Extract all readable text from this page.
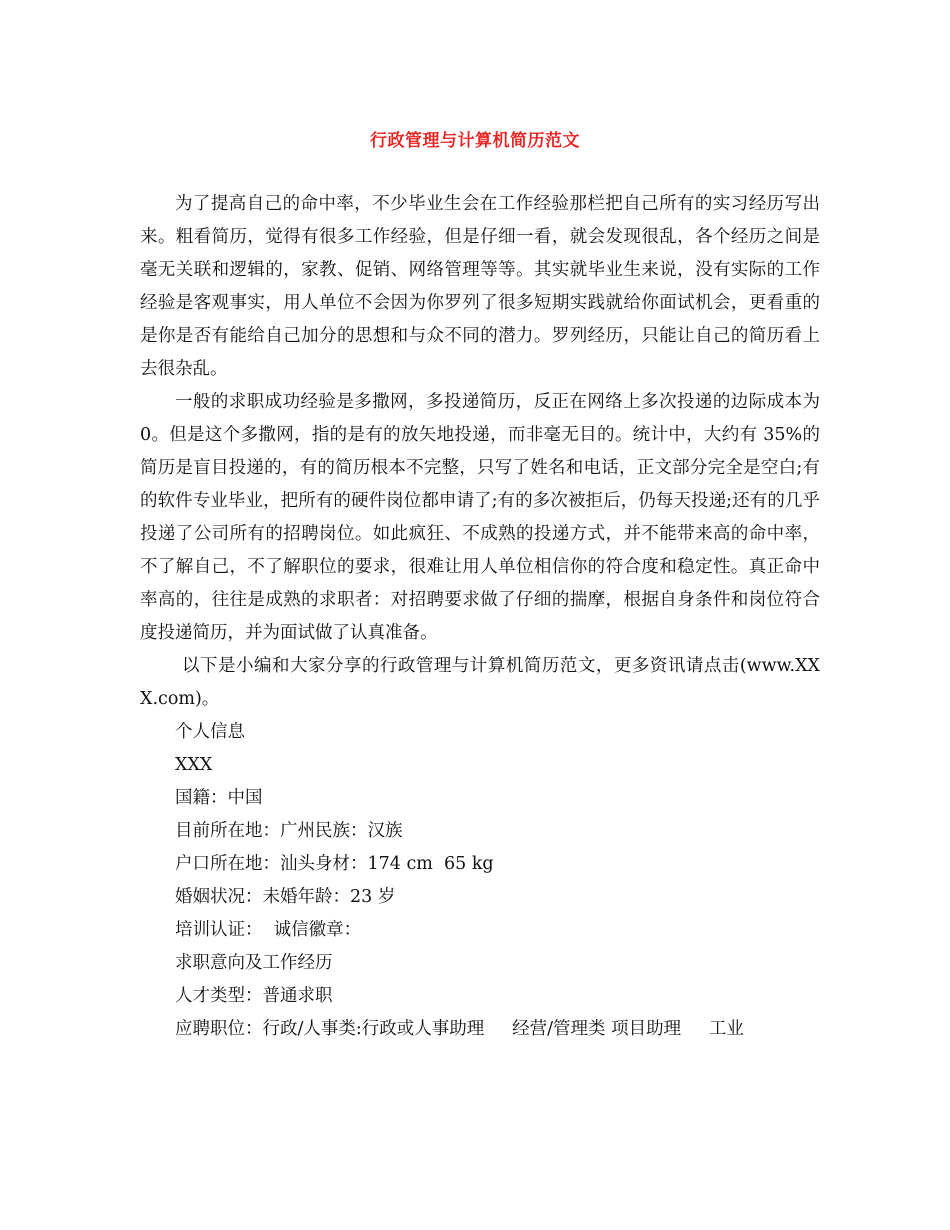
行政管理与计算机简历范文

为了提高自己的命中率，不少毕业生会在工作经验那栏把自己所有的实习经历写出来。粗看简历，觉得有很多工作经验，但是仔细一看，就会发现很乱，各个经历之间是毫无关联和逻辑的，家教、促销、网络管理等等。其实就毕业生来说，没有实际的工作经验是客观事实，用人单位不会因为你罗列了很多短期实践就给你面试机会，更看重的是你是否有能给自己加分的思想和与众不同的潜力。罗列经历，只能让自己的简历看上去很杂乱。

一般的求职成功经验是多撒网，多投递简历，反正在网络上多次投递的边际成本为0。但是这个多撒网，指的是有的放矢地投递，而非毫无目的。统计中，大约有 35%的简历是盲目投递的，有的简历根本不完整，只写了姓名和电话，正文部分完全是空白;有的软件专业毕业，把所有的硬件岗位都申请了;有的多次被拒后，仍每天投递;还有的几乎投递了公司所有的招聘岗位。如此疯狂、不成熟的投递方式，并不能带来高的命中率，不了解自己，不了解职位的要求，很难让用人单位相信你的符合度和稳定性。真正命中率高的，往往是成熟的求职者：对招聘要求做了仔细的揣摩，根据自身条件和岗位符合度投递简历，并为面试做了认真准备。

以下是小编和大家分享的行政管理与计算机简历范文，更多资讯请点击(www.XXX.com)。

个人信息

XXX

国籍：中国

目前所在地：广州民族：汉族

户口所在地：汕头身材：174 cm  65 kg

婚姻状况：未婚年龄：23 岁

培训认证：  诚信徽章：

求职意向及工作经历

人才类型：普通求职

应聘职位：行政/人事类:行政或人事助理     经营/管理类 项目助理     工业
